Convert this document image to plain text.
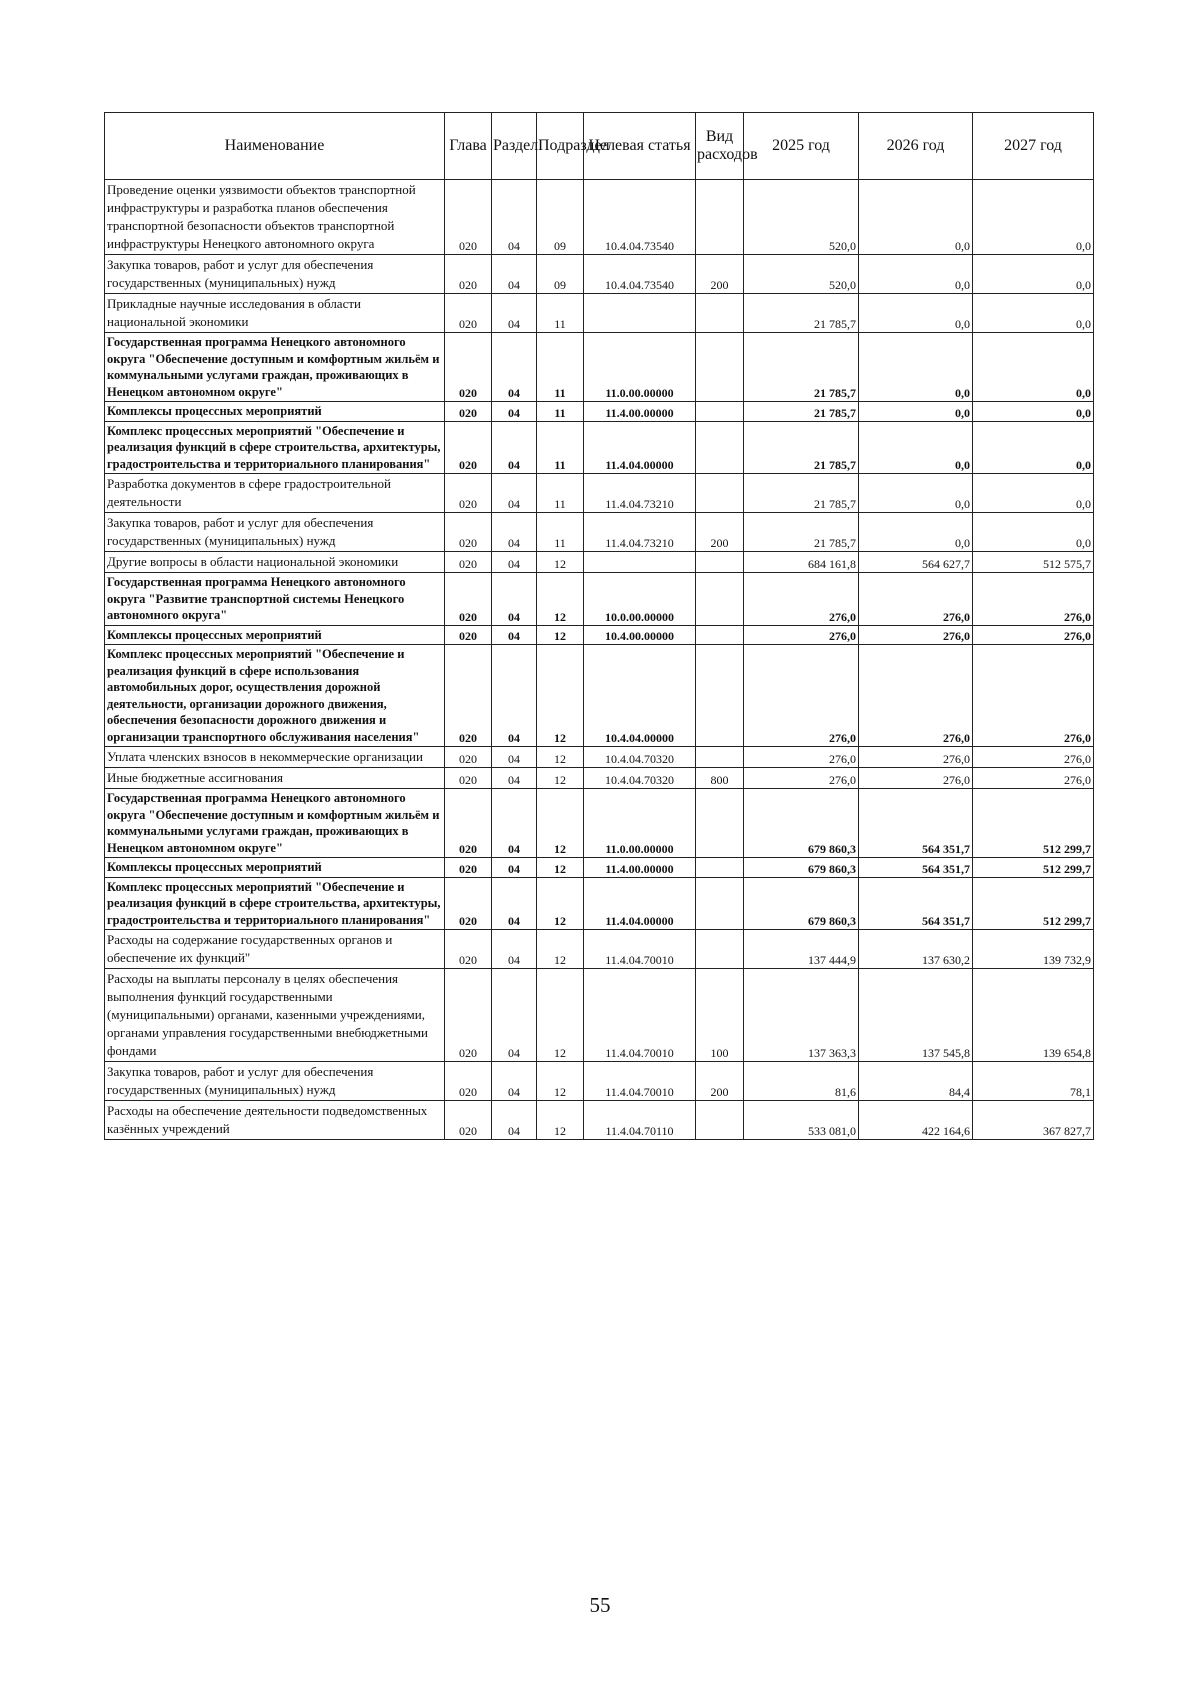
Наименование	Глава	Раздел	Подраздел	Целевая статья	Вид расходов	2025 год	2026 год	2027 год
Проведение оценки уязвимости объектов транспортной инфраструктуры и разработка планов обеспечения транспортной безопасности объектов транспортной инфраструктуры Ненецкого автономного округа	020	04	09	10.4.04.73540		520,0	0,0	0,0
Закупка товаров, работ и услуг для обеспечения государственных (муниципальных) нужд	020	04	09	10.4.04.73540	200	520,0	0,0	0,0
Прикладные научные исследования в области национальной экономики	020	04	11			21 785,7	0,0	0,0
Государственная программа Ненецкого автономного округа "Обеспечение доступным и комфортным жильём и коммунальными услугами граждан, проживающих в Ненецком автономном округе"	020	04	11	11.0.00.00000		21 785,7	0,0	0,0
Комплексы процессных мероприятий	020	04	11	11.4.00.00000		21 785,7	0,0	0,0
Комплекс процессных мероприятий "Обеспечение и реализация функций в сфере строительства, архитектуры, градостроительства и территориального планирования"	020	04	11	11.4.04.00000		21 785,7	0,0	0,0
Разработка документов в сфере градостроительной деятельности	020	04	11	11.4.04.73210		21 785,7	0,0	0,0
Закупка товаров, работ и услуг для обеспечения государственных (муниципальных) нужд	020	04	11	11.4.04.73210	200	21 785,7	0,0	0,0
Другие вопросы в области национальной экономики	020	04	12			684 161,8	564 627,7	512 575,7
Государственная программа Ненецкого автономного округа "Развитие транспортной системы Ненецкого автономного округа"	020	04	12	10.0.00.00000		276,0	276,0	276,0
Комплексы процессных мероприятий	020	04	12	10.4.00.00000		276,0	276,0	276,0
Комплекс процессных мероприятий "Обеспечение и реализация функций в сфере использования автомобильных дорог, осуществления дорожной деятельности, организации дорожного движения, обеспечения безопасности дорожного движения и организации транспортного обслуживания населения"	020	04	12	10.4.04.00000		276,0	276,0	276,0
Уплата членских взносов в некоммерческие организации	020	04	12	10.4.04.70320		276,0	276,0	276,0
Иные бюджетные ассигнования	020	04	12	10.4.04.70320	800	276,0	276,0	276,0
Государственная программа Ненецкого автономного округа "Обеспечение доступным и комфортным жильём и коммунальными услугами граждан, проживающих в Ненецком автономном округе"	020	04	12	11.0.00.00000		679 860,3	564 351,7	512 299,7
Комплексы процессных мероприятий	020	04	12	11.4.00.00000		679 860,3	564 351,7	512 299,7
Комплекс процессных мероприятий "Обеспечение и реализация функций в сфере строительства, архитектуры, градостроительства и территориального планирования"	020	04	12	11.4.04.00000		679 860,3	564 351,7	512 299,7
Расходы на содержание государственных органов и обеспечение их функций"	020	04	12	11.4.04.70010		137 444,9	137 630,2	139 732,9
Расходы на выплаты персоналу в целях обеспечения выполнения функций государственными (муниципальными) органами, казенными учреждениями, органами управления государственными внебюджетными фондами	020	04	12	11.4.04.70010	100	137 363,3	137 545,8	139 654,8
Закупка товаров, работ и услуг для обеспечения государственных (муниципальных) нужд	020	04	12	11.4.04.70010	200	81,6	84,4	78,1
Расходы на обеспечение деятельности подведомственных казённых учреждений	020	04	12	11.4.04.70110		533 081,0	422 164,6	367 827,7
55
